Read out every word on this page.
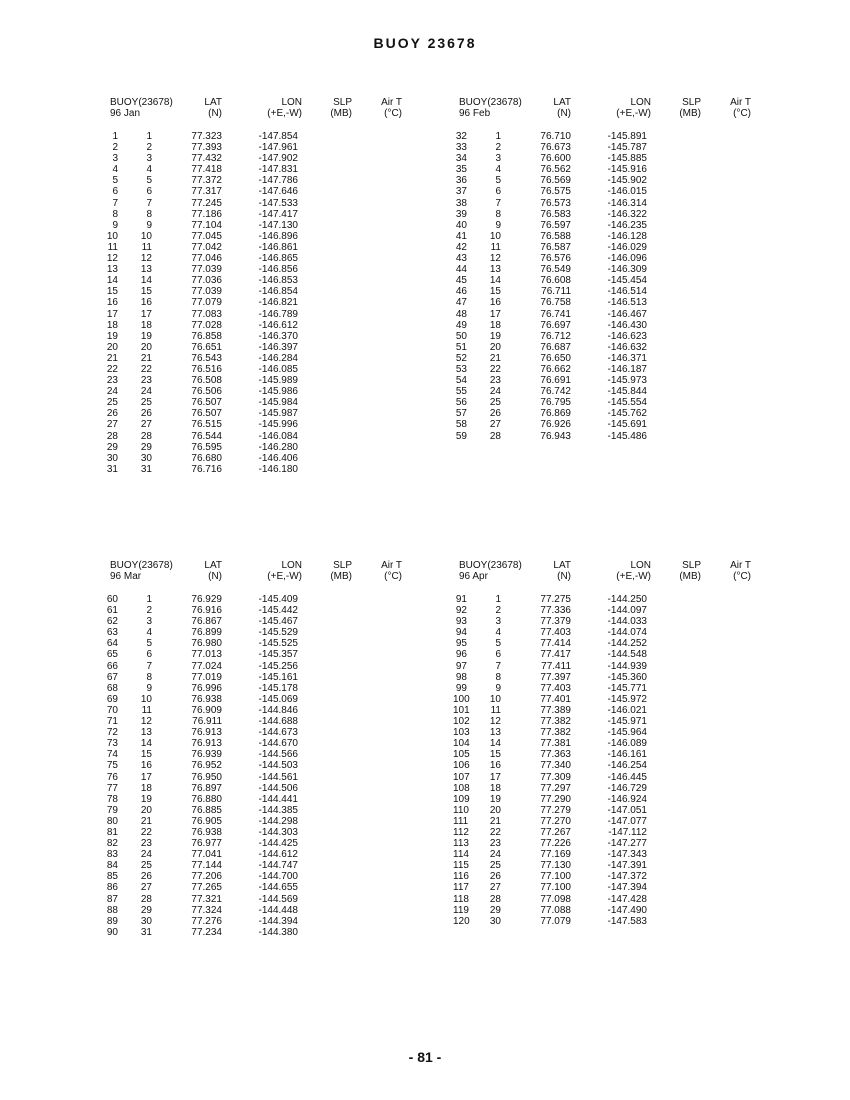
BUOY 23678
BUOY(23678)	LAT	LON	SLP	Air T
96 Jan	(N)	(+E,-W)	(MB)	(°C)
1	1	77.323	-147.854
2	2	77.393	-147.961
3	3	77.432	-147.902
4	4	77.418	-147.831
5	5	77.372	-147.786
6	6	77.317	-147.646
7	7	77.245	-147.533
8	8	77.186	-147.417
9	9	77.104	-147.130
10	10	77.045	-146.896
11	11	77.042	-146.861
12	12	77.046	-146.865
13	13	77.039	-146.856
14	14	77.036	-146.853
15	15	77.039	-146.854
16	16	77.079	-146.821
17	17	77.083	-146.789
18	18	77.028	-146.612
19	19	76.858	-146.370
20	20	76.651	-146.397
21	21	76.543	-146.284
22	22	76.516	-146.085
23	23	76.508	-145.989
24	24	76.506	-145.986
25	25	76.507	-145.984
26	26	76.507	-145.987
27	27	76.515	-145.996
28	28	76.544	-146.084
29	29	76.595	-146.280
30	30	76.680	-146.406
31	31	76.716	-146.180
BUOY(23678)	LAT	LON	SLP	Air T
96 Feb	(N)	(+E,-W)	(MB)	(°C)
32	1	76.710	-145.891
33	2	76.673	-145.787
34	3	76.600	-145.885
35	4	76.562	-145.916
36	5	76.569	-145.902
37	6	76.575	-146.015
38	7	76.573	-146.314
39	8	76.583	-146.322
40	9	76.597	-146.235
41	10	76.588	-146.128
42	11	76.587	-146.029
43	12	76.576	-146.096
44	13	76.549	-146.309
45	14	76.608	-145.454
46	15	76.711	-146.514
47	16	76.758	-146.513
48	17	76.741	-146.467
49	18	76.697	-146.430
50	19	76.712	-146.623
51	20	76.687	-146.632
52	21	76.650	-146.371
53	22	76.662	-146.187
54	23	76.691	-145.973
55	24	76.742	-145.844
56	25	76.795	-145.554
57	26	76.869	-145.762
58	27	76.926	-145.691
59	28	76.943	-145.486
BUOY(23678)	LAT	LON	SLP	Air T
96 Mar	(N)	(+E,-W)	(MB)	(°C)
60	1	76.929	-145.409
61	2	76.916	-145.442
62	3	76.867	-145.467
63	4	76.899	-145.529
64	5	76.980	-145.525
65	6	77.013	-145.357
66	7	77.024	-145.256
67	8	77.019	-145.161
68	9	76.996	-145.178
69	10	76.938	-145.069
70	11	76.909	-144.846
71	12	76.911	-144.688
72	13	76.913	-144.673
73	14	76.913	-144.670
74	15	76.939	-144.566
75	16	76.952	-144.503
76	17	76.950	-144.561
77	18	76.897	-144.506
78	19	76.880	-144.441
79	20	76.885	-144.385
80	21	76.905	-144.298
81	22	76.938	-144.303
82	23	76.977	-144.425
83	24	77.041	-144.612
84	25	77.144	-144.747
85	26	77.206	-144.700
86	27	77.265	-144.655
87	28	77.321	-144.569
88	29	77.324	-144.448
89	30	77.276	-144.394
90	31	77.234	-144.380
BUOY(23678)	LAT	LON	SLP	Air T
96 Apr	(N)	(+E,-W)	(MB)	(°C)
91	1	77.275	-144.250
92	2	77.336	-144.097
93	3	77.379	-144.033
94	4	77.403	-144.074
95	5	77.414	-144.252
96	6	77.417	-144.548
97	7	77.411	-144.939
98	8	77.397	-145.360
99	9	77.403	-145.771
100	10	77.401	-145.972
101	11	77.389	-146.021
102	12	77.382	-145.971
103	13	77.382	-145.964
104	14	77.381	-146.089
105	15	77.363	-146.161
106	16	77.340	-146.254
107	17	77.309	-146.445
108	18	77.297	-146.729
109	19	77.290	-146.924
110	20	77.279	-147.051
111	21	77.270	-147.077
112	22	77.267	-147.112
113	23	77.226	-147.277
114	24	77.169	-147.343
115	25	77.130	-147.391
116	26	77.100	-147.372
117	27	77.100	-147.394
118	28	77.098	-147.428
119	29	77.088	-147.490
120	30	77.079	-147.583
- 81 -
